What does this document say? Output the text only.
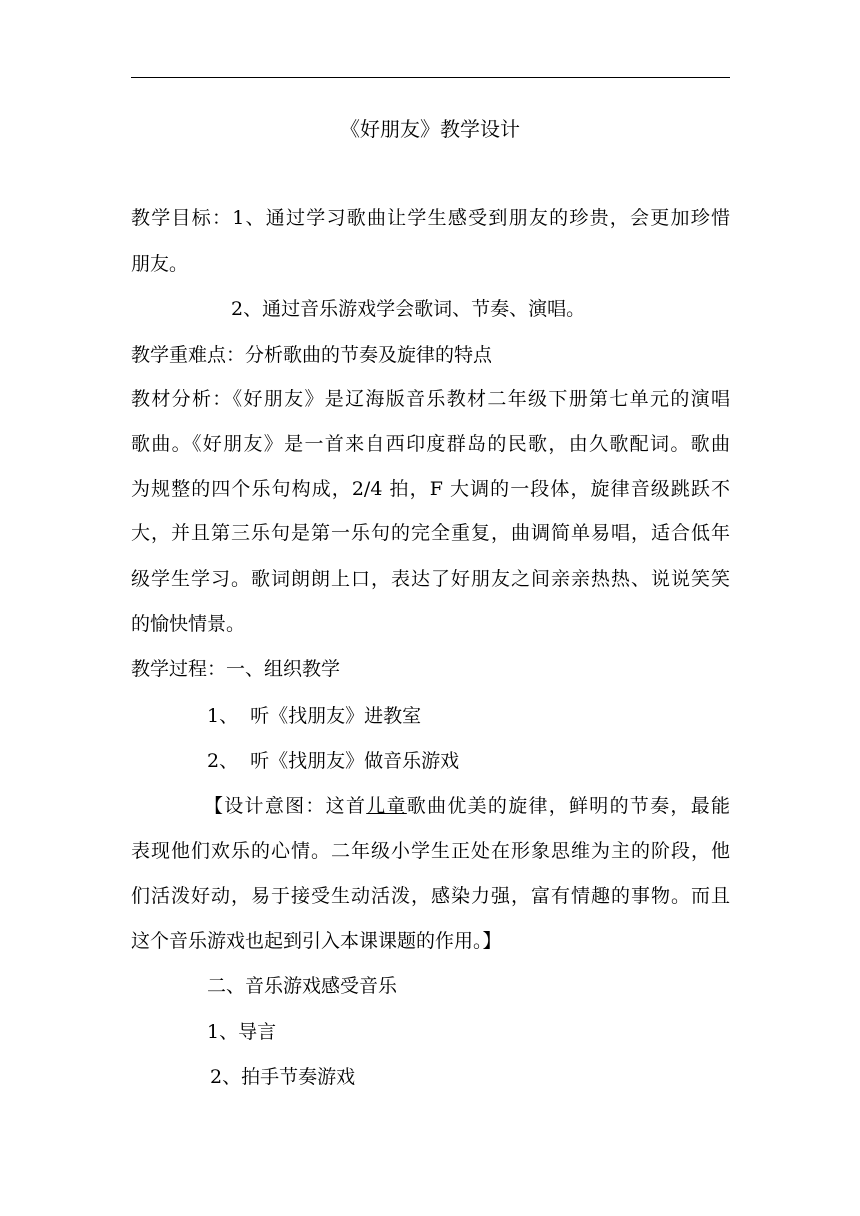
《好朋友》教学设计
教学目标：1、通过学习歌曲让学生感受到朋友的珍贵，会更加珍惜
朋友。
2、通过音乐游戏学会歌词、节奏、演唱。
教学重难点：分析歌曲的节奏及旋律的特点
教材分析：《好朋友》是辽海版音乐教材二年级下册第七单元的演唱
歌曲。《好朋友》是一首来自西印度群岛的民歌，由久歌配词。歌曲
为规整的四个乐句构成，2/4 拍，F 大调的一段体，旋律音级跳跃不
大，并且第三乐句是第一乐句的完全重复，曲调简单易唱，适合低年
级学生学习。歌词朗朗上口，表达了好朋友之间亲亲热热、说说笑笑
的愉快情景。
教学过程：一、组织教学
1、  听《找朋友》进教室
2、  听《找朋友》做音乐游戏
【设计意图：这首儿童歌曲优美的旋律，鲜明的节奏，最能
表现他们欢乐的心情。二年级小学生正处在形象思维为主的阶段，他
们活泼好动，易于接受生动活泼，感染力强，富有情趣的事物。而且
这个音乐游戏也起到引入本课课题的作用。】
二、音乐游戏感受音乐
1、导言
2、拍手节奏游戏
